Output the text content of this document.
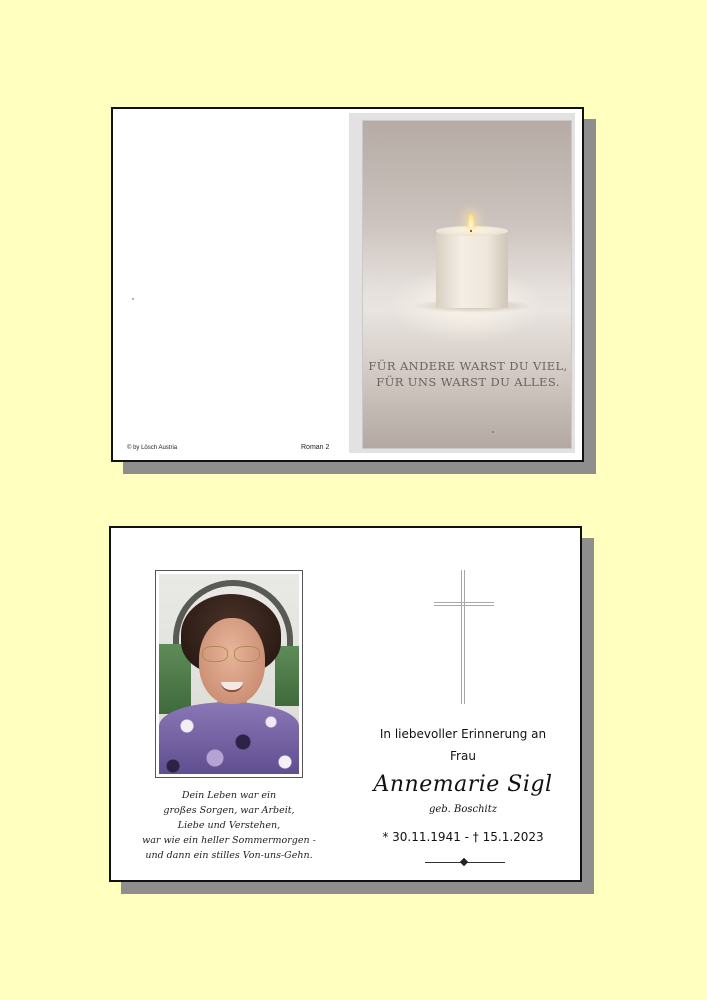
FÜR ANDERE WARST DU VIEL,
FÜR UNS WARST DU ALLES.
© by Lösch Austria	Roman 2
Dein Leben war ein
großes Sorgen, war Arbeit,
Liebe und Verstehen,
war wie ein heller Sommermorgen -
und dann ein stilles Von-uns-Gehn.
In liebevoller Erinnerung an
Frau
Annemarie Sigl
geb. Boschitz
* 30.11.1941 - † 15.1.2023
